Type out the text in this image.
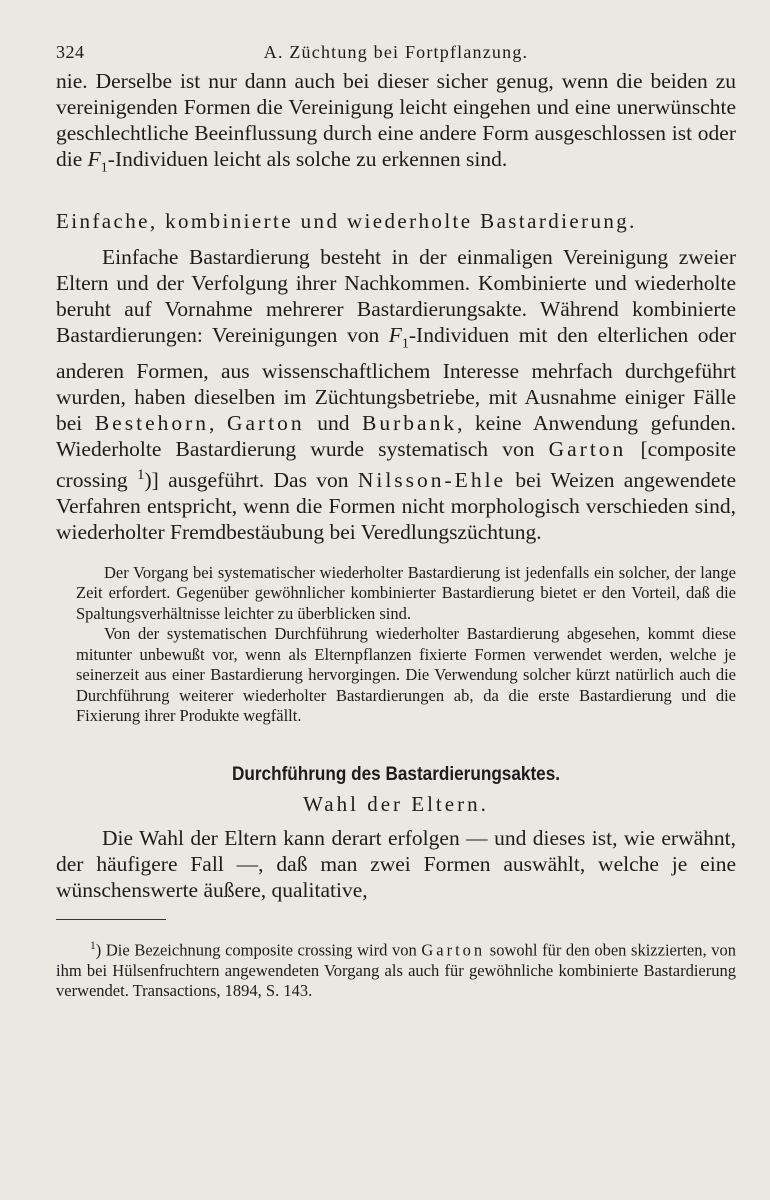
324	A. Züchtung bei Fortpflanzung.

nie. Derselbe ist nur dann auch bei dieser sicher genug, wenn die beiden zu vereinigenden Formen die Vereinigung leicht eingehen und eine unerwünschte geschlechtliche Beeinflussung durch eine andere Form ausgeschlossen ist oder die $F_1$-Individuen leicht als solche zu erkennen sind.

Einfache, kombinierte und wiederholte Bastardierung.

Einfache Bastardierung besteht in der einmaligen Vereinigung zweier Eltern und der Verfolgung ihrer Nachkommen. Kombinierte und wiederholte beruht auf Vornahme mehrerer Bastardierungsakte. Während kombinierte Bastardierungen: Vereinigungen von $F_1$-Individuen mit den elterlichen oder anderen Formen, aus wissenschaftlichem Interesse mehrfach durchgeführt wurden, haben dieselben im Züchtungsbetriebe, mit Ausnahme einiger Fälle bei Bestehorn, Garton und Burbank, keine Anwendung gefunden. Wiederholte Bastardierung wurde systematisch von Garton [composite crossing $^1$)] ausgeführt. Das von Nilsson-Ehle bei Weizen angewendete Verfahren entspricht, wenn die Formen nicht morphologisch verschieden sind, wiederholter Fremdbestäubung bei Veredlungszüchtung.

Der Vorgang bei systematischer wiederholter Bastardierung ist jedenfalls ein solcher, der lange Zeit erfordert. Gegenüber gewöhnlicher kombinierter Bastardierung bietet er den Vorteil, daß die Spaltungsverhältnisse leichter zu überblicken sind.

Von der systematischen Durchführung wiederholter Bastardierung abgesehen, kommt diese mitunter unbewußt vor, wenn als Elternpflanzen fixierte Formen verwendet werden, welche je seinerzeit aus einer Bastardierung hervorgingen. Die Verwendung solcher kürzt natürlich auch die Durchführung weiterer wiederholter Bastardierungen ab, da die erste Bastardierung und die Fixierung ihrer Produkte wegfällt.

Durchführung des Bastardierungsaktes.
Wahl der Eltern.

Die Wahl der Eltern kann derart erfolgen — und dieses ist, wie erwähnt, der häufigere Fall —, daß man zwei Formen auswählt, welche je eine wünschenswerte äußere, qualitative,

$^1$) Die Bezeichnung composite crossing wird von Garton sowohl für den oben skizzierten, von ihm bei Hülsenfruchtern angewendeten Vorgang als auch für gewöhnliche kombinierte Bastardierung verwendet. Transactions, 1894, S. 143.
